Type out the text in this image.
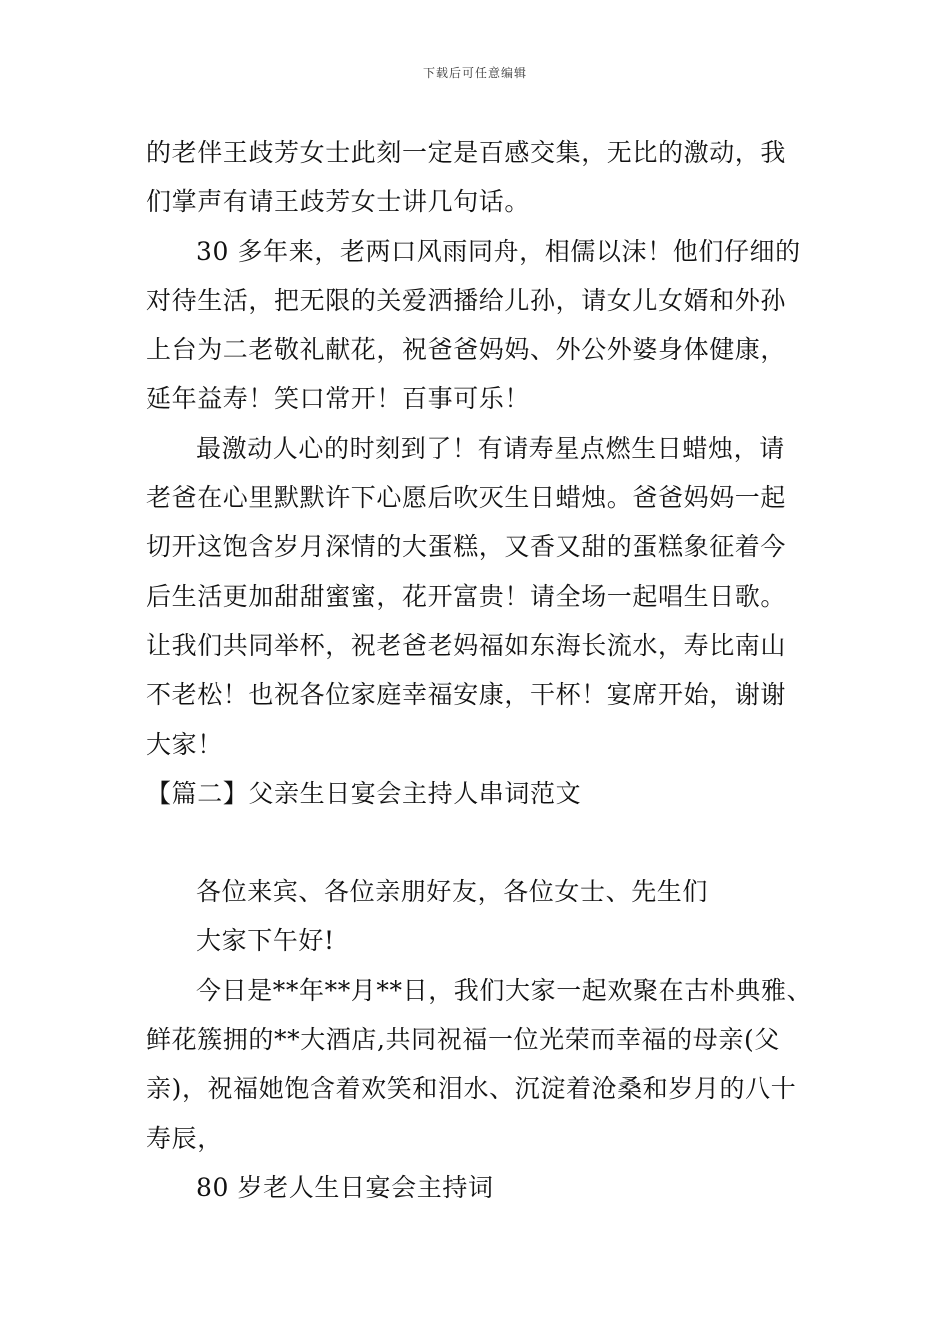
下载后可任意编辑

的老伴王歧芳女士此刻一定是百感交集，无比的激动，我

们掌声有请王歧芳女士讲几句话。

30 多年来，老两口风雨同舟，相儒以沫！他们仔细的

对待生活，把无限的关爱洒播给儿孙，请女儿女婿和外孙

上台为二老敬礼献花，祝爸爸妈妈、外公外婆身体健康，

延年益寿！笑口常开！百事可乐！

最激动人心的时刻到了！有请寿星点燃生日蜡烛，请

老爸在心里默默许下心愿后吹灭生日蜡烛。爸爸妈妈一起

切开这饱含岁月深情的大蛋糕，又香又甜的蛋糕象征着今

后生活更加甜甜蜜蜜，花开富贵！请全场一起唱生日歌。

让我们共同举杯，祝老爸老妈福如东海长流水，寿比南山

不老松！也祝各位家庭幸福安康，干杯！宴席开始，谢谢

大家！

【篇二】父亲生日宴会主持人串词范文

各位来宾、各位亲朋好友，各位女士、先生们

大家下午好!

今日是**年**月**日，我们大家一起欢聚在古朴典雅、

鲜花簇拥的**大酒店,共同祝福一位光荣而幸福的母亲(父

亲)，祝福她饱含着欢笑和泪水、沉淀着沧桑和岁月的八十

寿辰，

80 岁老人生日宴会主持词
